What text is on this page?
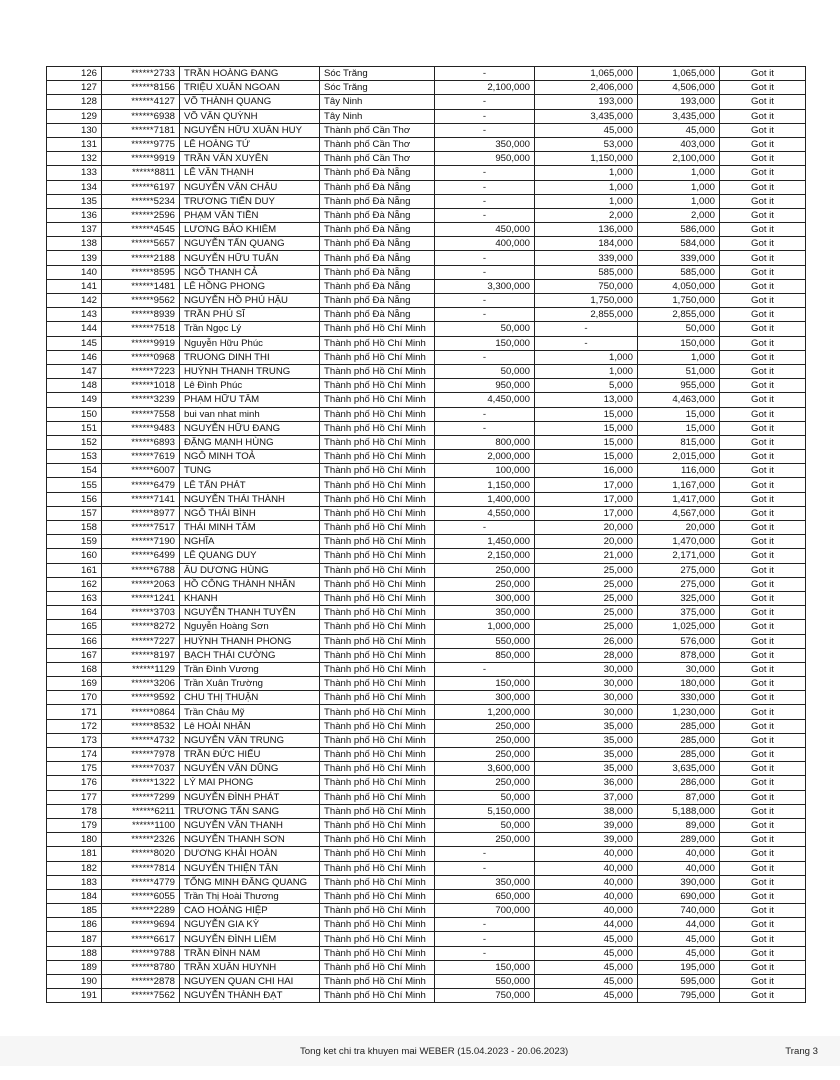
126	******2733	TRẦN HOÀNG ĐANG	Sóc Trăng	-	1,065,000	1,065,000	Got it
127	******8156	TRIỆU XUÂN NGOAN	Sóc Trăng	2,100,000	2,406,000	4,506,000	Got it
128	******4127	VÕ THÀNH QUANG	Tây Ninh	-	193,000	193,000	Got it
129	******6938	VÕ VĂN QUỲNH	Tây Ninh	-	3,435,000	3,435,000	Got it
130	******7181	NGUYỄN HỮU XUÂN HUY	Thành phố Cần Thơ	-	45,000	45,000	Got it
131	******9775	LÊ HOÀNG TỨ	Thành phố Cần Thơ	350,000	53,000	403,000	Got it
132	******9919	TRẦN VĂN XUYÊN	Thành phố Cần Thơ	950,000	1,150,000	2,100,000	Got it
133	******8811	LÊ VĂN THẠNH	Thành phố Đà Nẵng	-	1,000	1,000	Got it
134	******6197	NGUYỄN VĂN CHÂU	Thành phố Đà Nẵng	-	1,000	1,000	Got it
135	******5234	TRƯƠNG TIẾN DUY	Thành phố Đà Nẵng	-	1,000	1,000	Got it
136	******2596	PHẠM VĂN TIỀN	Thành phố Đà Nẵng	-	2,000	2,000	Got it
137	******4545	LƯƠNG BẢO KHIÊM	Thành phố Đà Nẵng	450,000	136,000	586,000	Got it
138	******5657	NGUYỄN TẤN QUANG	Thành phố Đà Nẵng	400,000	184,000	584,000	Got it
139	******2188	NGUYỄN HỮU TUẤN	Thành phố Đà Nẵng	-	339,000	339,000	Got it
140	******8595	NGÔ THANH CẢ	Thành phố Đà Nẵng	-	585,000	585,000	Got it
141	******1481	LÊ HỒNG PHONG	Thành phố Đà Nẵng	3,300,000	750,000	4,050,000	Got it
142	******9562	NGUYỄN HỒ PHÚ HẬU	Thành phố Đà Nẵng	-	1,750,000	1,750,000	Got it
143	******8939	TRẦN PHÚ SĨ	Thành phố Đà Nẵng	-	2,855,000	2,855,000	Got it
144	******7518	Trần Ngọc Lý	Thành phố Hồ Chí Minh	50,000	-	50,000	Got it
145	******9919	Nguyễn Hữu Phúc	Thành phố Hồ Chí Minh	150,000	-	150,000	Got it
146	******0968	TRUONG DINH THI	Thành phố Hồ Chí Minh	-	1,000	1,000	Got it
147	******7223	HUỲNH THANH TRUNG	Thành phố Hồ Chí Minh	50,000	1,000	51,000	Got it
148	******1018	Lê Đình Phúc	Thành phố Hồ Chí Minh	950,000	5,000	955,000	Got it
149	******3239	PHẠM HỮU TÂM	Thành phố Hồ Chí Minh	4,450,000	13,000	4,463,000	Got it
150	******7558	bui van nhat minh	Thành phố Hồ Chí Minh	-	15,000	15,000	Got it
151	******9483	NGUYỄN HỮU ĐANG	Thành phố Hồ Chí Minh	-	15,000	15,000	Got it
152	******6893	ĐẶNG MẠNH HÙNG	Thành phố Hồ Chí Minh	800,000	15,000	815,000	Got it
153	******7619	NGÔ MINH TOẢ	Thành phố Hồ Chí Minh	2,000,000	15,000	2,015,000	Got it
154	******6007	TUNG	Thành phố Hồ Chí Minh	100,000	16,000	116,000	Got it
155	******6479	LÊ TẤN PHÁT	Thành phố Hồ Chí Minh	1,150,000	17,000	1,167,000	Got it
156	******7141	NGUYỄN THÁI THÀNH	Thành phố Hồ Chí Minh	1,400,000	17,000	1,417,000	Got it
157	******8977	NGÔ THÁI BÌNH	Thành phố Hồ Chí Minh	4,550,000	17,000	4,567,000	Got it
158	******7517	THÁI MINH TÂM	Thành phố Hồ Chí Minh	-	20,000	20,000	Got it
159	******7190	NGHĨA	Thành phố Hồ Chí Minh	1,450,000	20,000	1,470,000	Got it
160	******6499	LÊ QUANG DUY	Thành phố Hồ Chí Minh	2,150,000	21,000	2,171,000	Got it
161	******6788	ÂU DƯƠNG HÙNG	Thành phố Hồ Chí Minh	250,000	25,000	275,000	Got it
162	******2063	HỒ CÔNG THÀNH NHÂN	Thành phố Hồ Chí Minh	250,000	25,000	275,000	Got it
163	******1241	KHANH	Thành phố Hồ Chí Minh	300,000	25,000	325,000	Got it
164	******3703	NGUYỄN THANH TUYỀN	Thành phố Hồ Chí Minh	350,000	25,000	375,000	Got it
165	******8272	Nguyễn Hoàng Sơn	Thành phố Hồ Chí Minh	1,000,000	25,000	1,025,000	Got it
166	******7227	HUỲNH THANH PHONG	Thành phố Hồ Chí Minh	550,000	26,000	576,000	Got it
167	******8197	BẠCH THÁI CƯỜNG	Thành phố Hồ Chí Minh	850,000	28,000	878,000	Got it
168	******1129	Trần Đình Vương	Thành phố Hồ Chí Minh	-	30,000	30,000	Got it
169	******3206	Trần Xuân Trường	Thành phố Hồ Chí Minh	150,000	30,000	180,000	Got it
170	******9592	CHU THỊ THUẬN	Thành phố Hồ Chí Minh	300,000	30,000	330,000	Got it
171	******0864	Trần Châu Mỹ	Thành phố Hồ Chí Minh	1,200,000	30,000	1,230,000	Got it
172	******8532	Lê HOÀI NHÂN	Thành phố Hồ Chí Minh	250,000	35,000	285,000	Got it
173	******4732	NGUYỄN VĂN TRUNG	Thành phố Hồ Chí Minh	250,000	35,000	285,000	Got it
174	******7978	TRẦN ĐỨC HIẾU	Thành phố Hồ Chí Minh	250,000	35,000	285,000	Got it
175	******7037	NGUYỄN VĂN DŨNG	Thành phố Hồ Chí Minh	3,600,000	35,000	3,635,000	Got it
176	******1322	LÝ MAI PHONG	Thành phố Hồ Chí Minh	250,000	36,000	286,000	Got it
177	******7299	NGUYỄN ĐÌNH PHÁT	Thành phố Hồ Chí Minh	50,000	37,000	87,000	Got it
178	******6211	TRƯƠNG TẤN SANG	Thành phố Hồ Chí Minh	5,150,000	38,000	5,188,000	Got it
179	******1100	NGUYỄN VĂN THANH	Thành phố Hồ Chí Minh	50,000	39,000	89,000	Got it
180	******2326	NGUYỄN THANH SƠN	Thành phố Hồ Chí Minh	250,000	39,000	289,000	Got it
181	******8020	DƯƠNG KHẢI HOÀN	Thành phố Hồ Chí Minh	-	40,000	40,000	Got it
182	******7814	NGUYỄN THIỆN TÂN	Thành phố Hồ Chí Minh	-	40,000	40,000	Got it
183	******4779	TỐNG MINH ĐĂNG QUANG	Thành phố Hồ Chí Minh	350,000	40,000	390,000	Got it
184	******6055	Trần Thị Hoài Thương	Thành phố Hồ Chí Minh	650,000	40,000	690,000	Got it
185	******2289	CAO HOÀNG HIỆP	Thành phố Hồ Chí Minh	700,000	40,000	740,000	Got it
186	******9694	NGUYỄN GIA KỲ	Thành phố Hồ Chí Minh	-	44,000	44,000	Got it
187	******6617	NGUYỄN ĐÌNH LIÊM	Thành phố Hồ Chí Minh	-	45,000	45,000	Got it
188	******9788	TRẦN ĐÌNH NAM	Thành phố Hồ Chí Minh	-	45,000	45,000	Got it
189	******8780	TRẦN XUÂN HUYNH	Thành phố Hồ Chí Minh	150,000	45,000	195,000	Got it
190	******2878	NGUYEN QUAN CHI HAI	Thành phố Hồ Chí Minh	550,000	45,000	595,000	Got it
191	******7562	NGUYỄN THÀNH ĐẠT	Thành phố Hồ Chí Minh	750,000	45,000	795,000	Got it
Tong ket chi tra khuyen mai WEBER (15.04.2023 - 20.06.2023)	Trang 3
